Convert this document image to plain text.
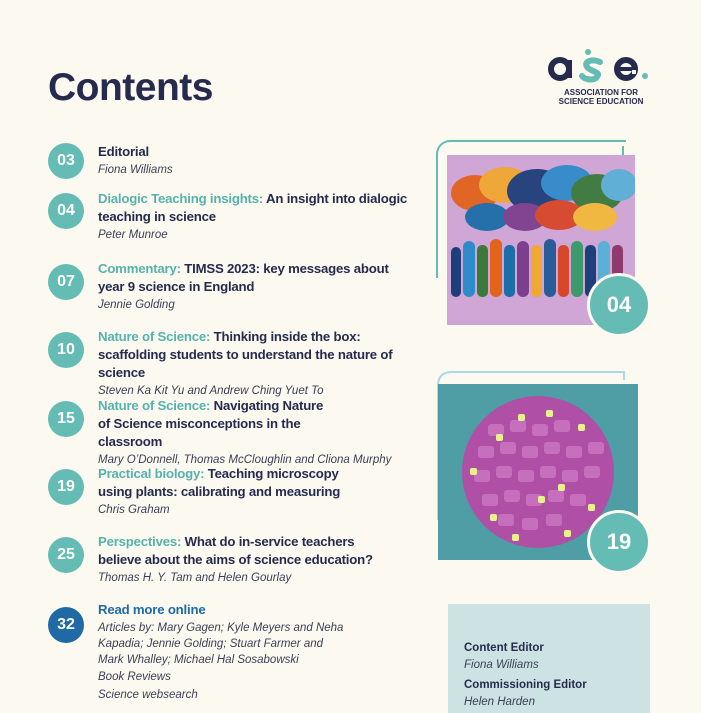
Contents	ASSOCIATION FOR
SCIENCE EDUCATION
03
Editorial
Fiona Williams
04
Dialogic Teaching insights: An insight into dialogic teaching in science
Peter Munroe
07
Commentary: TIMSS 2023: key messages about year 9 science in England
Jennie Golding
10
Nature of Science: Thinking inside the box: scaffolding students to understand the nature of science
Steven Ka Kit Yu and Andrew Ching Yuet To
15
Nature of Science: Navigating Nature of Science misconceptions in the classroom
Mary O’Donnell, Thomas McCloughlin and Cliona Murphy
19
Practical biology: Teaching microscopy using plants: calibrating and measuring
Chris Graham
25
Perspectives: What do in-service teachers believe about the aims of science education?
Thomas H. Y. Tam and Helen Gourlay
32
Read more online
Articles by: Mary Gagen; Kyle Meyers and Neha Kapadia; Jennie Golding; Stuart Farmer and Mark Whalley; Michael Hal Sosabowski
Book Reviews
Science websearch
04
19
Content Editor
Fiona Williams
Commissioning Editor
Helen Harden
